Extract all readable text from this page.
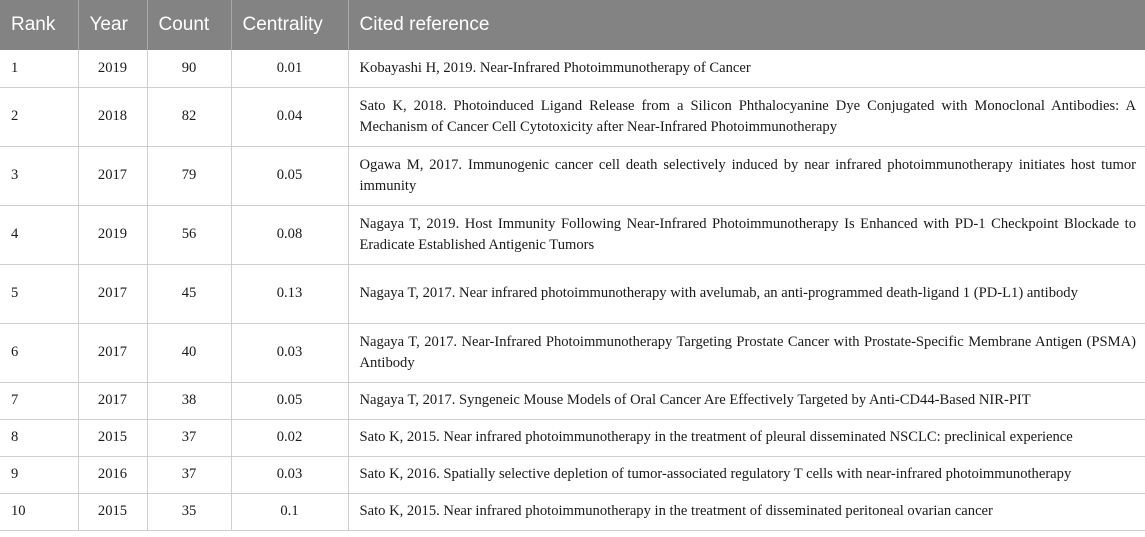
Rank	Year	Count	Centrality	Cited reference
1	2019	90	0.01	Kobayashi H, 2019. Near-Infrared Photoimmunotherapy of Cancer
2	2018	82	0.04	Sato K, 2018. Photoinduced Ligand Release from a Silicon Phthalocyanine Dye Conjugated with Monoclonal Antibodies: A Mechanism of Cancer Cell Cytotoxicity after Near-Infrared Photoimmunotherapy
3	2017	79	0.05	Ogawa M, 2017. Immunogenic cancer cell death selectively induced by near infrared photoimmunotherapy initiates host tumor immunity
4	2019	56	0.08	Nagaya T, 2019. Host Immunity Following Near-Infrared Photoimmunotherapy Is Enhanced with PD-1 Checkpoint Blockade to Eradicate Established Antigenic Tumors
5	2017	45	0.13	Nagaya T, 2017. Near infrared photoimmunotherapy with avelumab, an anti-programmed death-ligand 1 (PD-L1) antibody
6	2017	40	0.03	Nagaya T, 2017. Near-Infrared Photoimmunotherapy Targeting Prostate Cancer with Prostate-Specific Membrane Antigen (PSMA) Antibody
7	2017	38	0.05	Nagaya T, 2017. Syngeneic Mouse Models of Oral Cancer Are Effectively Targeted by Anti-CD44-Based NIR-PIT
8	2015	37	0.02	Sato K, 2015. Near infrared photoimmunotherapy in the treatment of pleural disseminated NSCLC: preclinical experience
9	2016	37	0.03	Sato K, 2016. Spatially selective depletion of tumor-associated regulatory T cells with near-infrared photoimmunotherapy
10	2015	35	0.1	Sato K, 2015. Near infrared photoimmunotherapy in the treatment of disseminated peritoneal ovarian cancer
